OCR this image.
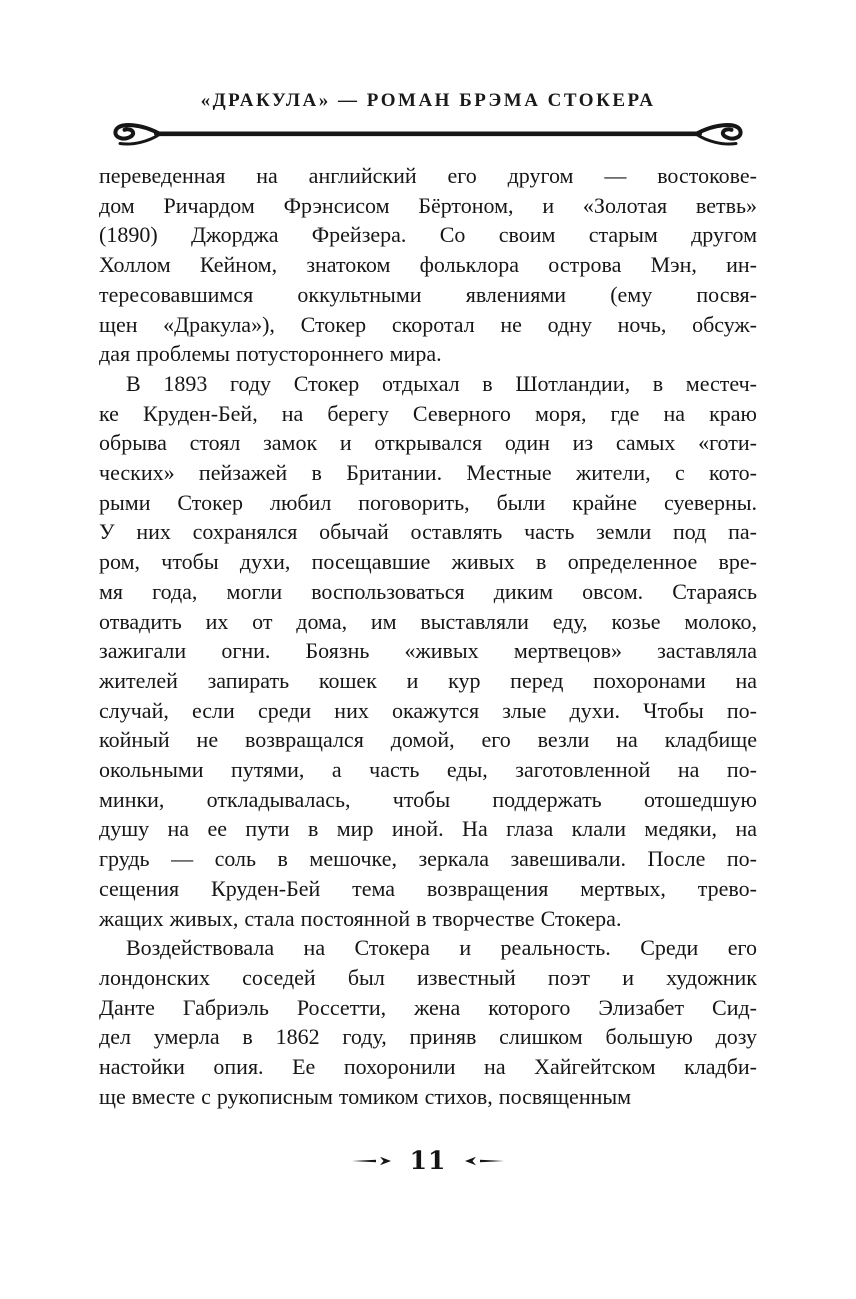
«ДРАКУЛА» — РОМАН БРЭМА СТОКЕРА
переведенная на английский его другом — востокове-
дом Ричардом Фрэнсисом Бёртоном, и «Золотая ветвь»
(1890) Джорджа Фрейзера. Со своим старым другом
Холлом Кейном, знатоком фольклора острова Мэн, ин-
тересовавшимся оккультными явлениями (ему посвя-
щен «Дракула»), Стокер скоротал не одну ночь, обсуж-
дая проблемы потустороннего мира.
В 1893 году Стокер отдыхал в Шотландии, в местеч-
ке Круден-Бей, на берегу Северного моря, где на краю
обрыва стоял замок и открывался один из самых «готи-
ческих» пейзажей в Британии. Местные жители, с кото-
рыми Стокер любил поговорить, были крайне суеверны.
У них сохранялся обычай оставлять часть земли под па-
ром, чтобы духи, посещавшие живых в определенное вре-
мя года, могли воспользоваться диким овсом. Стараясь
отвадить их от дома, им выставляли еду, козье молоко,
зажигали огни. Боязнь «живых мертвецов» заставляла
жителей запирать кошек и кур перед похоронами на
случай, если среди них окажутся злые духи. Чтобы по-
койный не возвращался домой, его везли на кладбище
окольными путями, а часть еды, заготовленной на по-
минки, откладывалась, чтобы поддержать отошедшую
душу на ее пути в мир иной. На глаза клали медяки, на
грудь — соль в мешочке, зеркала завешивали. После по-
сещения Круден-Бей тема возвращения мертвых, трево-
жащих живых, стала постоянной в творчестве Стокера.
Воздействовала на Стокера и реальность. Среди его
лондонских соседей был известный поэт и художник
Данте Габриэль Россетти, жена которого Элизабет Сид-
дел умерла в 1862 году, приняв слишком большую дозу
настойки опия. Ее похоронили на Хайгейтском кладби-
ще вместе с рукописным томиком стихов, посвященным
11
